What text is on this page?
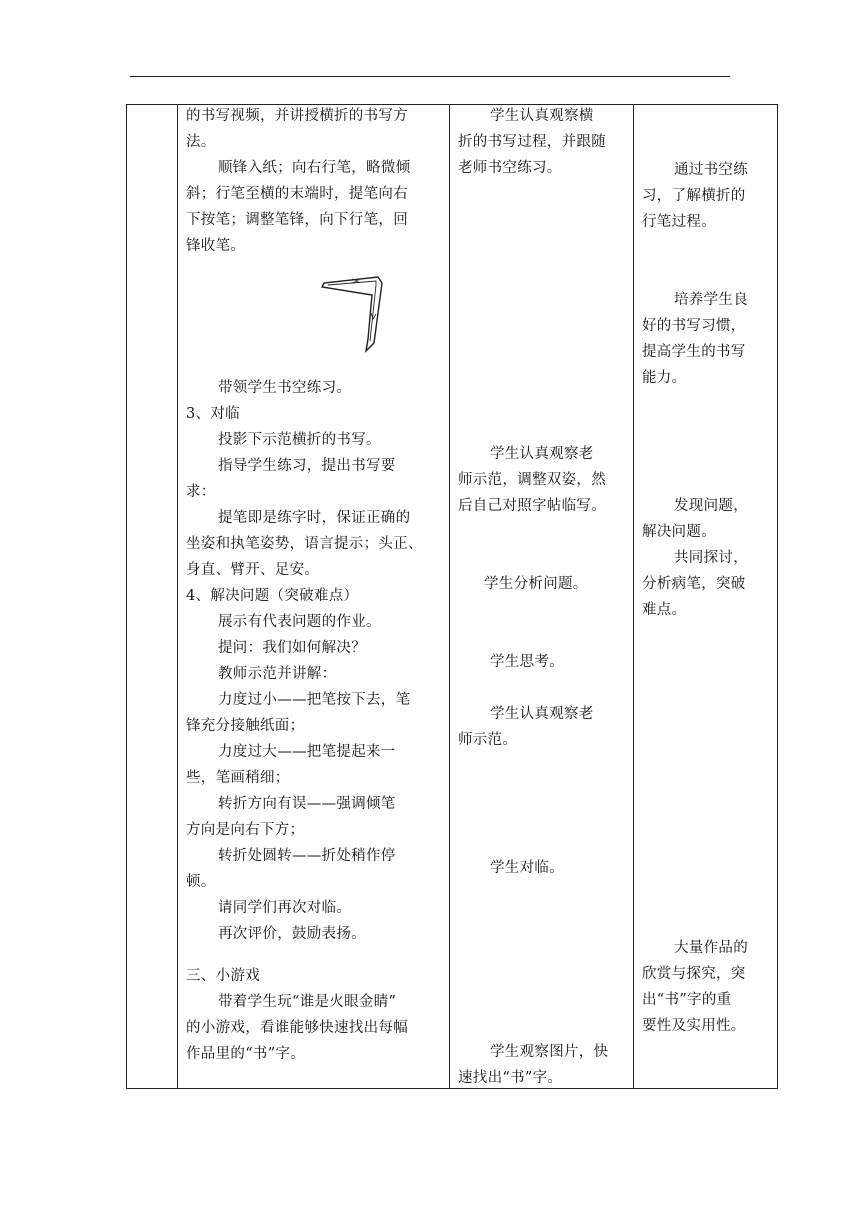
的书写视频，并讲授横折的书写方
法。
顺锋入纸；向右行笔，略微倾
斜；行笔至横的末端时，提笔向右
下按笔；调整笔锋，向下行笔，回
锋收笔。
带领学生书空练习。
3、对临
投影下示范横折的书写。
指导学生练习，提出书写要
求：
提笔即是练字时，保证正确的
坐姿和执笔姿势，语言提示；头正、
身直、臂开、足安。
4、解决问题（突破难点）
展示有代表问题的作业。
提问：我们如何解决？
教师示范并讲解：
力度过小——把笔按下去，笔
锋充分接触纸面；
力度过大——把笔提起来一
些，笔画稍细；
转折方向有误——强调倾笔
方向是向右下方；
转折处圆转——折处稍作停
顿。
请同学们再次对临。
再次评价，鼓励表扬。
三、小游戏
带着学生玩“谁是火眼金睛”
的小游戏，看谁能够快速找出每幅
作品里的“书”字。
学生认真观察横
折的书写过程，并跟随
老师书空练习。
学生认真观察老
师示范，调整双姿，然
后自己对照字帖临写。
学生分析问题。
学生思考。
学生认真观察老
师示范。
学生对临。
学生观察图片，快
速找出“书”字。
通过书空练
习，了解横折的
行笔过程。
培养学生良
好的书写习惯，
提高学生的书写
能力。
发现问题，
解决问题。
共同探讨，
分析病笔，突破
难点。
大量作品的
欣赏与探究，突
出“书”字的重
要性及实用性。
